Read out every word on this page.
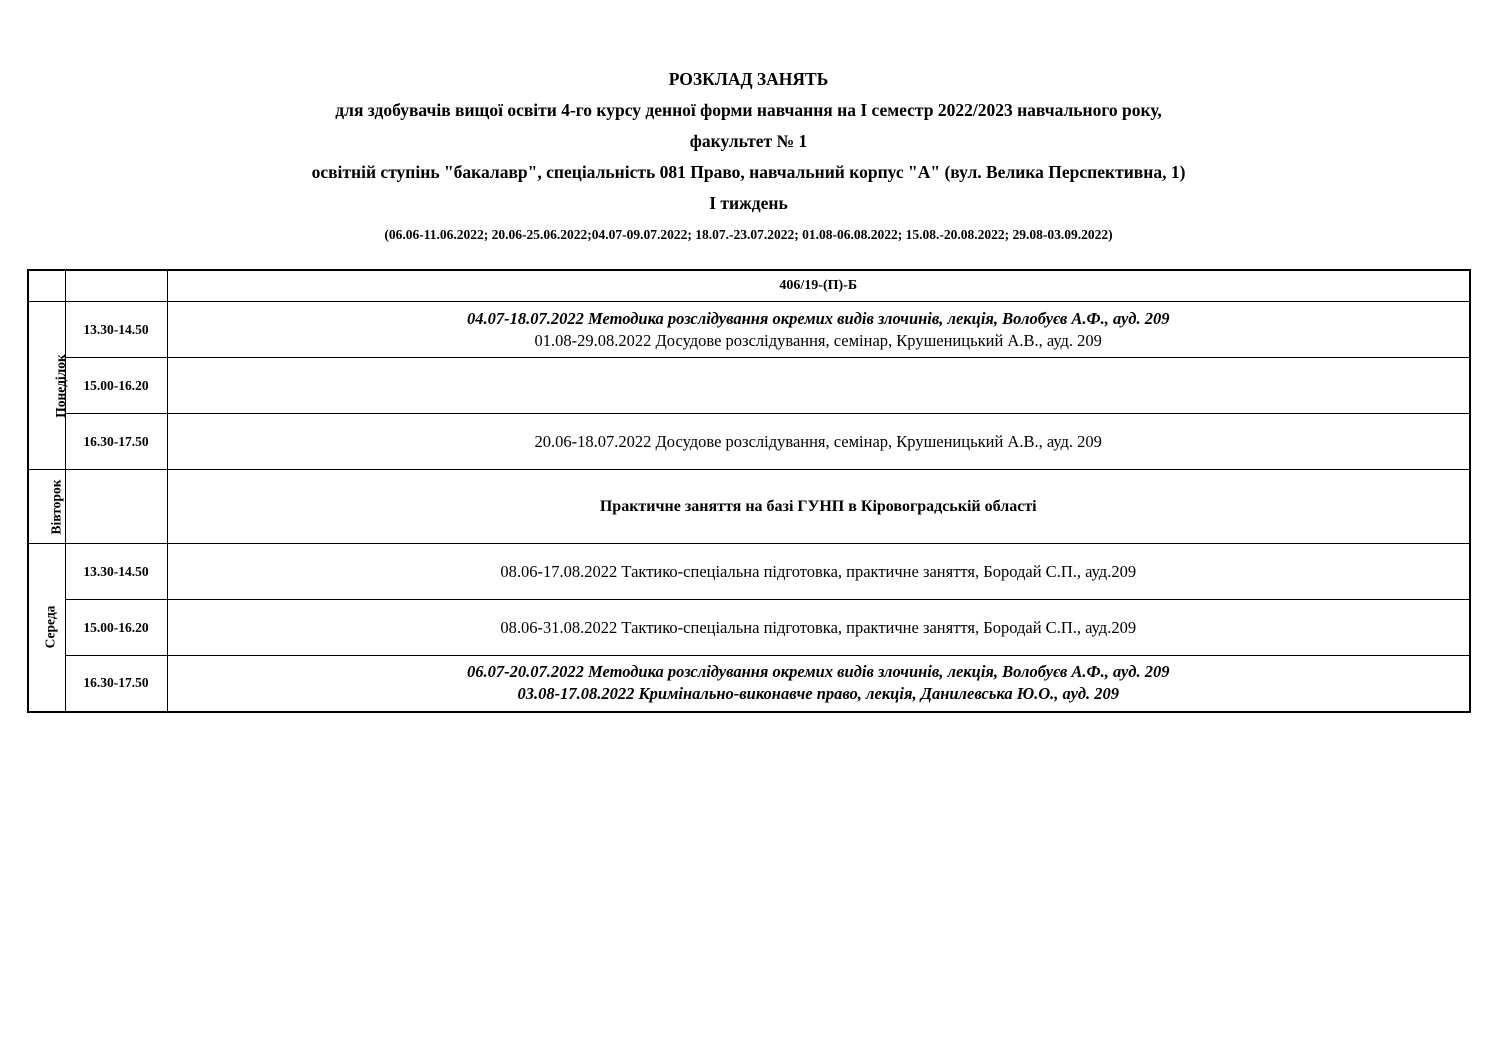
РОЗКЛАД ЗАНЯТЬ
для здобувачів вищої освіти 4-го курсу денної форми навчання на I семестр 2022/2023 навчального року,
факультет № 1
освітній ступінь "бакалавр", спеціальність 081 Право, навчальний корпус "А" (вул. Велика Перспективна, 1)
I тиждень
(06.06-11.06.2022; 20.06-25.06.2022;04.07-09.07.2022; 18.07.-23.07.2022; 01.08-06.08.2022; 15.08.-20.08.2022; 29.08-03.09.2022)
		406/19-(П)-Б
Понеділок	13.30-14.50	04.07-18.07.2022 Методика розслідування окремих видів злочинів, лекція, Волобуєв А.Ф., ауд. 209
01.08-29.08.2022 Досудове розслідування, семінар, Крушеницький А.В., ауд. 209

	15.00-16.20	

	16.30-17.50	20.06-18.07.2022 Досудове розслідування, семінар, Крушеницький А.В., ауд. 209

Вівторок		Практичне заняття на базі ГУНП в Кіровоградській області

Середа	13.30-14.50	08.06-17.08.2022 Тактико-спеціальна підготовка, практичне заняття, Бородай С.П., ауд.209

	15.00-16.20	08.06-31.08.2022 Тактико-спеціальна підготовка, практичне заняття, Бородай С.П., ауд.209

	16.30-17.50	06.07-20.07.2022 Методика розслідування окремих видів злочинів, лекція, Волобуєв А.Ф., ауд. 209
03.08-17.08.2022 Кримінально-виконавче право, лекція, Данилевська Ю.О., ауд. 209
